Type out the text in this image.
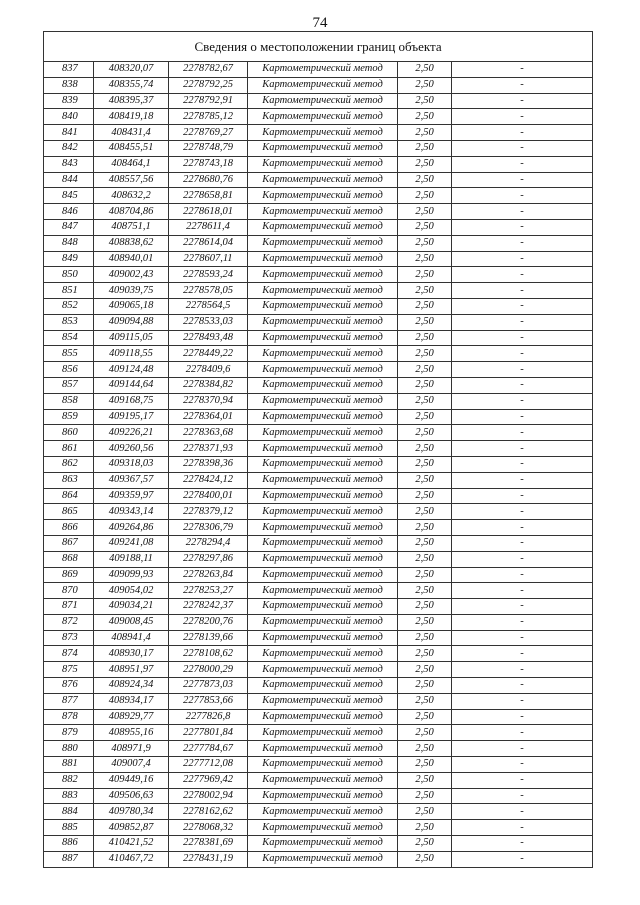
74
Сведения о местоположении границ объекта					
837	408320,07	2278782,67	Картометрический метод	2,50	-
838	408355,74	2278792,25	Картометрический метод	2,50	-
839	408395,37	2278792,91	Картометрический метод	2,50	-
840	408419,18	2278785,12	Картометрический метод	2,50	-
841	408431,4	2278769,27	Картометрический метод	2,50	-
842	408455,51	2278748,79	Картометрический метод	2,50	-
843	408464,1	2278743,18	Картометрический метод	2,50	-
844	408557,56	2278680,76	Картометрический метод	2,50	-
845	408632,2	2278658,81	Картометрический метод	2,50	-
846	408704,86	2278618,01	Картометрический метод	2,50	-
847	408751,1	2278611,4	Картометрический метод	2,50	-
848	408838,62	2278614,04	Картометрический метод	2,50	-
849	408940,01	2278607,11	Картометрический метод	2,50	-
850	409002,43	2278593,24	Картометрический метод	2,50	-
851	409039,75	2278578,05	Картометрический метод	2,50	-
852	409065,18	2278564,5	Картометрический метод	2,50	-
853	409094,88	2278533,03	Картометрический метод	2,50	-
854	409115,05	2278493,48	Картометрический метод	2,50	-
855	409118,55	2278449,22	Картометрический метод	2,50	-
856	409124,48	2278409,6	Картометрический метод	2,50	-
857	409144,64	2278384,82	Картометрический метод	2,50	-
858	409168,75	2278370,94	Картометрический метод	2,50	-
859	409195,17	2278364,01	Картометрический метод	2,50	-
860	409226,21	2278363,68	Картометрический метод	2,50	-
861	409260,56	2278371,93	Картометрический метод	2,50	-
862	409318,03	2278398,36	Картометрический метод	2,50	-
863	409367,57	2278424,12	Картометрический метод	2,50	-
864	409359,97	2278400,01	Картометрический метод	2,50	-
865	409343,14	2278379,12	Картометрический метод	2,50	-
866	409264,86	2278306,79	Картометрический метод	2,50	-
867	409241,08	2278294,4	Картометрический метод	2,50	-
868	409188,11	2278297,86	Картометрический метод	2,50	-
869	409099,93	2278263,84	Картометрический метод	2,50	-
870	409054,02	2278253,27	Картометрический метод	2,50	-
871	409034,21	2278242,37	Картометрический метод	2,50	-
872	409008,45	2278200,76	Картометрический метод	2,50	-
873	408941,4	2278139,66	Картометрический метод	2,50	-
874	408930,17	2278108,62	Картометрический метод	2,50	-
875	408951,97	2278000,29	Картометрический метод	2,50	-
876	408924,34	2277873,03	Картометрический метод	2,50	-
877	408934,17	2277853,66	Картометрический метод	2,50	-
878	408929,77	2277826,8	Картометрический метод	2,50	-
879	408955,16	2277801,84	Картометрический метод	2,50	-
880	408971,9	2277784,67	Картометрический метод	2,50	-
881	409007,4	2277712,08	Картометрический метод	2,50	-
882	409449,16	2277969,42	Картометрический метод	2,50	-
883	409506,63	2278002,94	Картометрический метод	2,50	-
884	409780,34	2278162,62	Картометрический метод	2,50	-
885	409852,87	2278068,32	Картометрический метод	2,50	-
886	410421,52	2278381,69	Картометрический метод	2,50	-
887	410467,72	2278431,19	Картометрический метод	2,50	-
